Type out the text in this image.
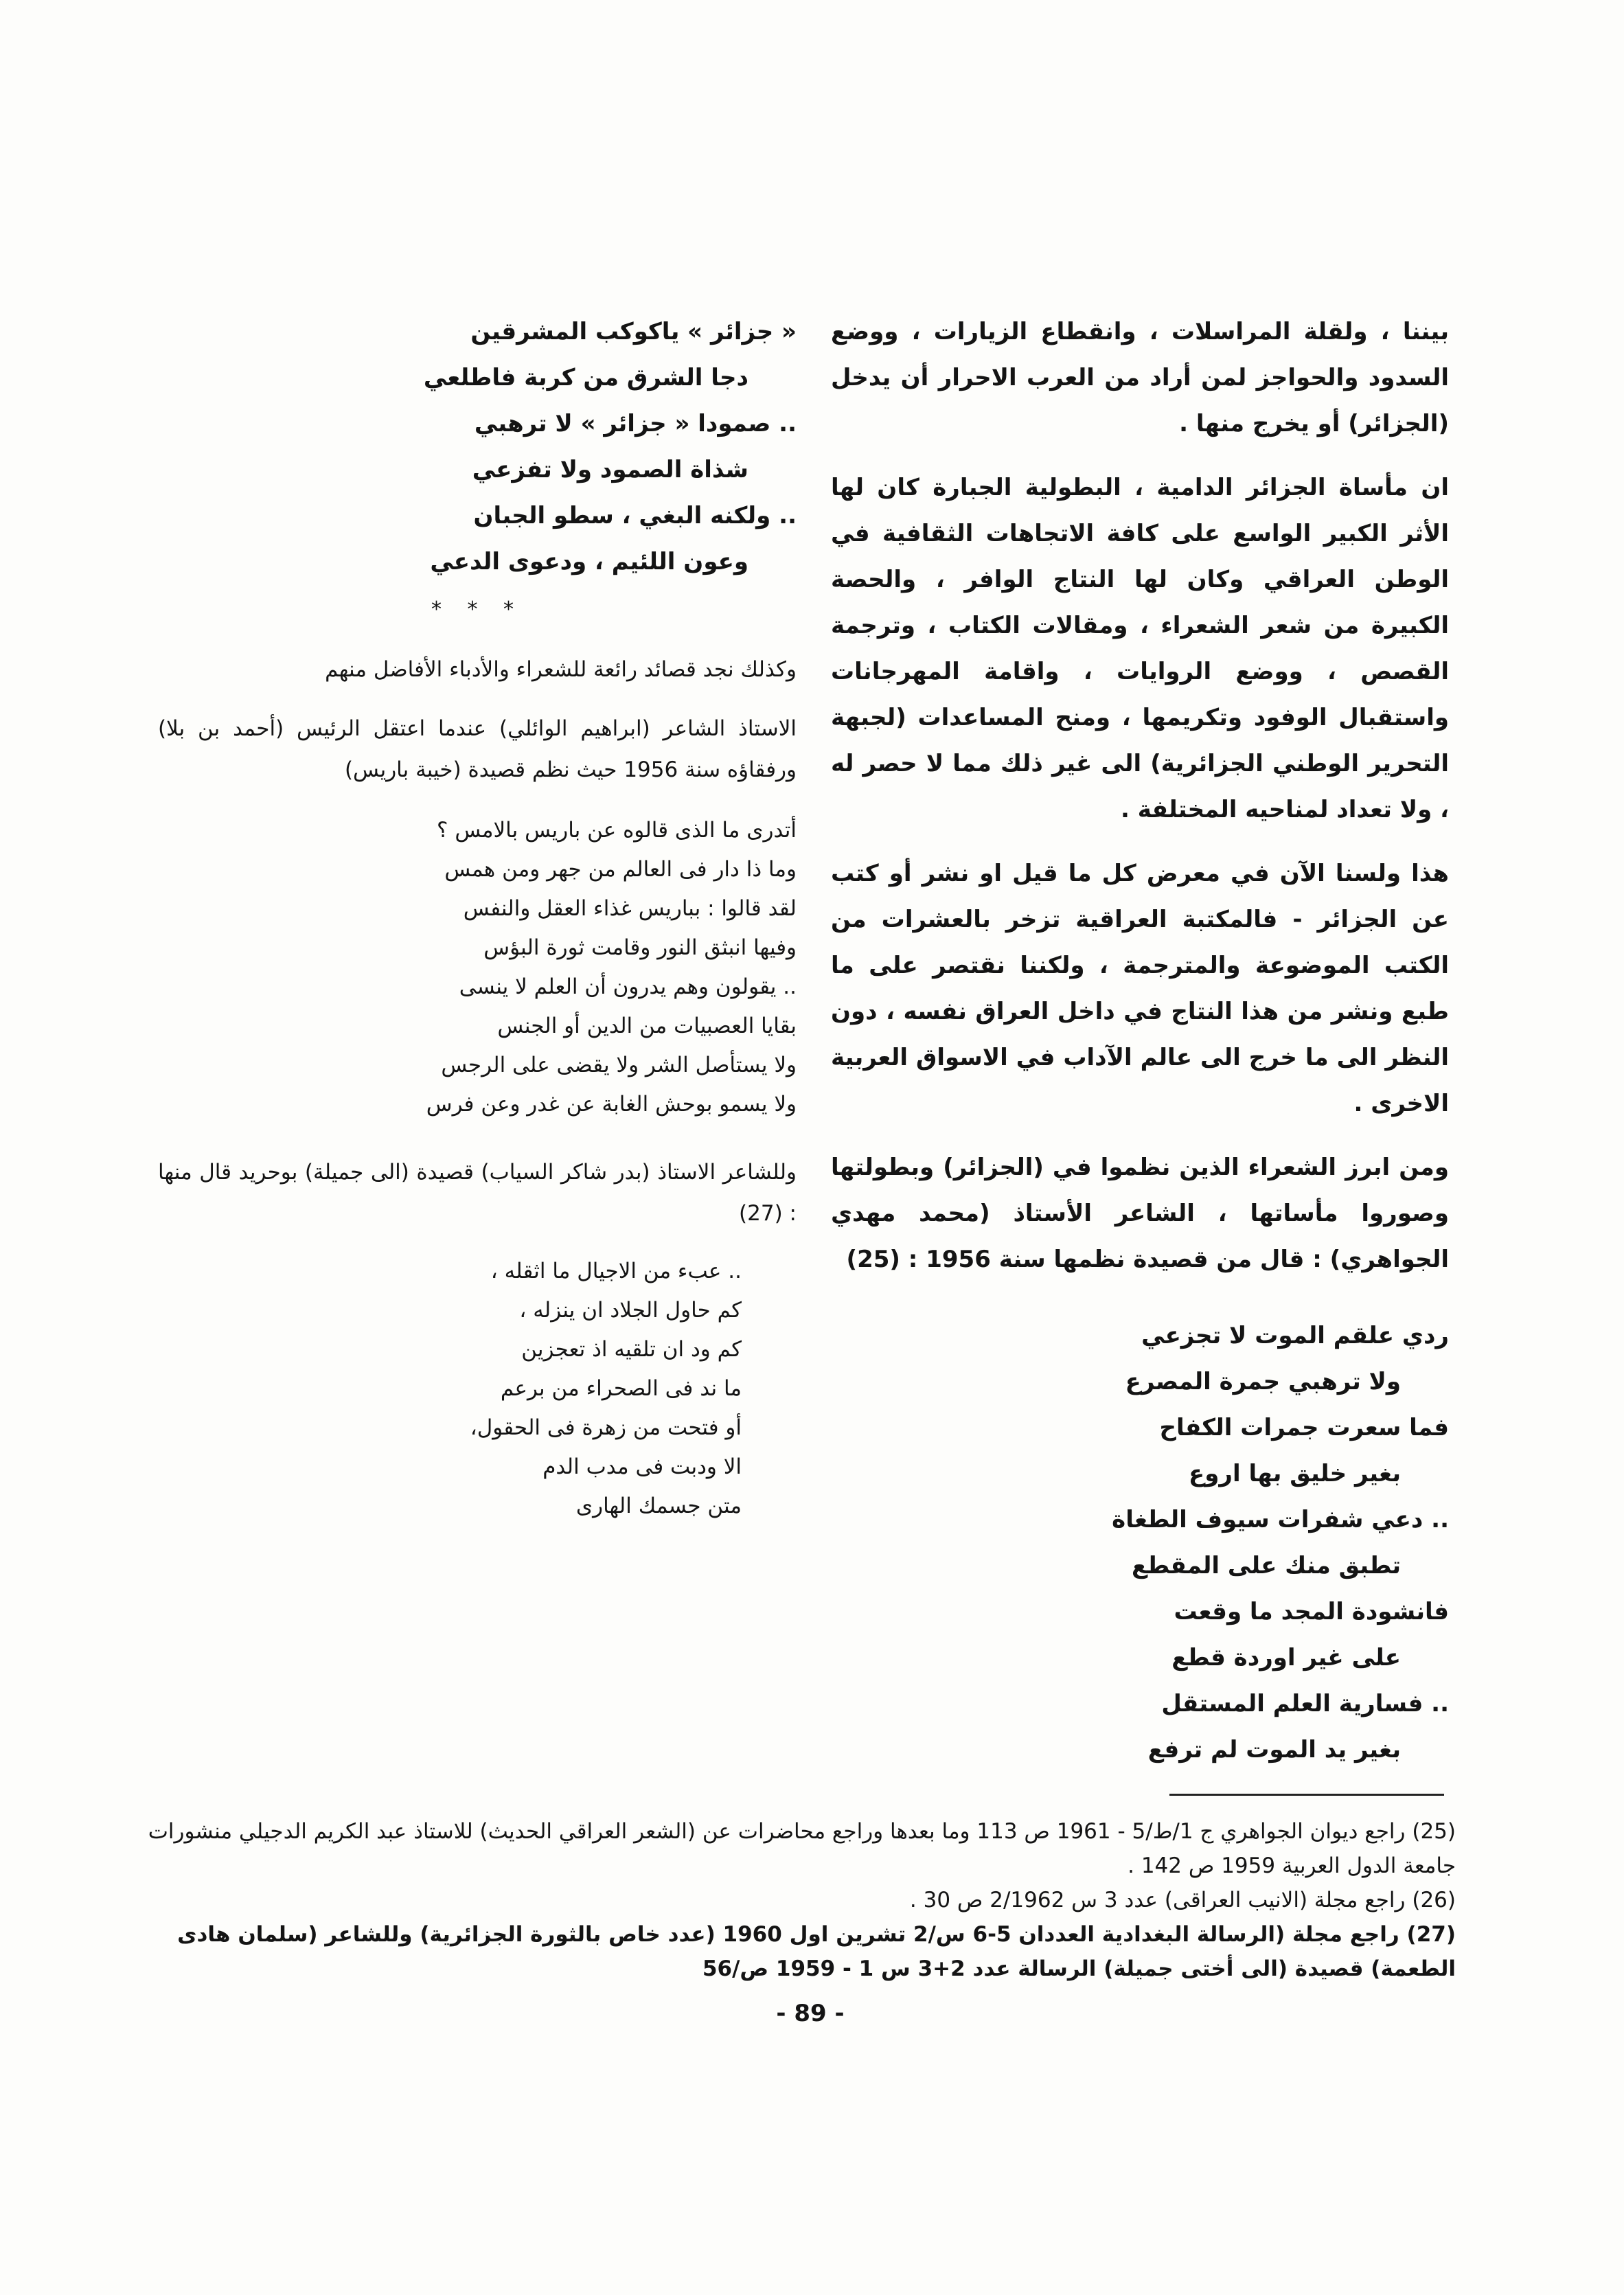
بيننا ، ولقلة المراسلات ، وانقطاع الزيارات ، ووضع السدود والحواجز لمن أراد من العرب الاحرار أن يدخل (الجزائر) أو يخرج منها .

ان مأساة الجزائر الدامية ، البطولية الجبارة كان لها الأثر الكبير الواسع على كافة الاتجاهات الثقافية في الوطن العراقي وكان لها النتاج الوافر ، والحصة الكبيرة من شعر الشعراء ، ومقالات الكتاب ، وترجمة القصص ، ووضع الروايات ، واقامة المهرجانات واستقبال الوفود وتكريمها ، ومنح المساعدات (لجبهة التحرير الوطني الجزائرية) الى غير ذلك مما لا حصر له ، ولا تعداد لمناحيه المختلفة .

هذا ولسنا الآن في معرض كل ما قيل او نشر أو كتب عن الجزائر - فالمكتبة العراقية تزخر بالعشرات من الكتب الموضوعة والمترجمة ، ولكننا نقتصر على ما طبع ونشر من هذا النتاج في داخل العراق نفسه ، دون النظر الى ما خرج الى عالم الآداب في الاسواق العربية الاخرى .

ومن ابرز الشعراء الذين نظموا في (الجزائر) وبطولتها وصوروا مأساتها ، الشاعر الأستاذ (محمد مهدي الجواهري) : قال من قصيدة نظمها سنة 1956 : (25)

ردي علقم الموت لا تجزعي
ولا ترهبي جمرة المصرع
فما سعرت جمرات الكفاح
بغير خليق بها اروع
.. دعي شفرات سيوف الطغاة
تطبق منك على المقطع
فانشودة المجد ما وقعت
على غير اوردة قطع
.. فسارية العلم المستقل
بغير يد الموت لم ترفع
« جزائر » ياكوكب المشرقين
دجا الشرق من كربة فاطلعي
.. صمودا « جزائر » لا ترهبي
شذاة الصمود ولا تفزعي
.. ولكنه البغي ، سطو الجبان
وعون اللئيم ، ودعوى الدعي
* * *

وكذلك نجد قصائد رائعة للشعراء والأدباء الأفاضل منهم

الاستاذ الشاعر (ابراهيم الوائلي) عندما اعتقل الرئيس (أحمد بن بلا) ورفقاؤه سنة 1956 حيث نظم قصيدة (خيبة باريس)

أتدرى ما الذى قالوه عن باريس بالامس ؟
وما ذا دار فى العالم من جهر ومن همس
لقد قالوا : بباريس غذاء العقل والنفس
وفيها انبثق النور وقامت ثورة البؤس
.. يقولون وهم يدرون أن العلم لا ينسى
بقايا العصبيات من الدين أو الجنس
ولا يستأصل الشر ولا يقضى على الرجس
ولا يسمو بوحش الغابة عن غدر وعن فرس

وللشاعر الاستاذ (بدر شاكر السياب) قصيدة (الى جميلة) بوحريد قال منها : (27)

.. عبء من الاجيال ما اثقله ،
كم حاول الجلاد ان ينزله ،
كم ود ان تلقيه اذ تعجزين
ما ند فى الصحراء من برعم
أو فتحت من زهرة فى الحقول،
الا ودبت فى مدب الدم
متن جسمك الهارى

(25) راجع ديوان الجواهري ج 1/ط/5 - 1961 ص 113 وما بعدها وراجع محاضرات عن (الشعر العراقي الحديث) للاستاذ عبد الكريم الدجيلي منشورات جامعة الدول العربية 1959 ص 142 .

(26) راجع مجلة (الانيب العراقى) عدد 3 س 2/1962 ص 30 .

(27) راجع مجلة (الرسالة البغدادية العددان 5-6 س/2 تشرين اول 1960 (عدد خاص بالثورة الجزائرية) وللشاعر (سلمان هادى الطعمة) قصيدة (الى أختى جميلة) الرسالة عدد 2+3 س 1 - 1959 ص/56

- 89 -
